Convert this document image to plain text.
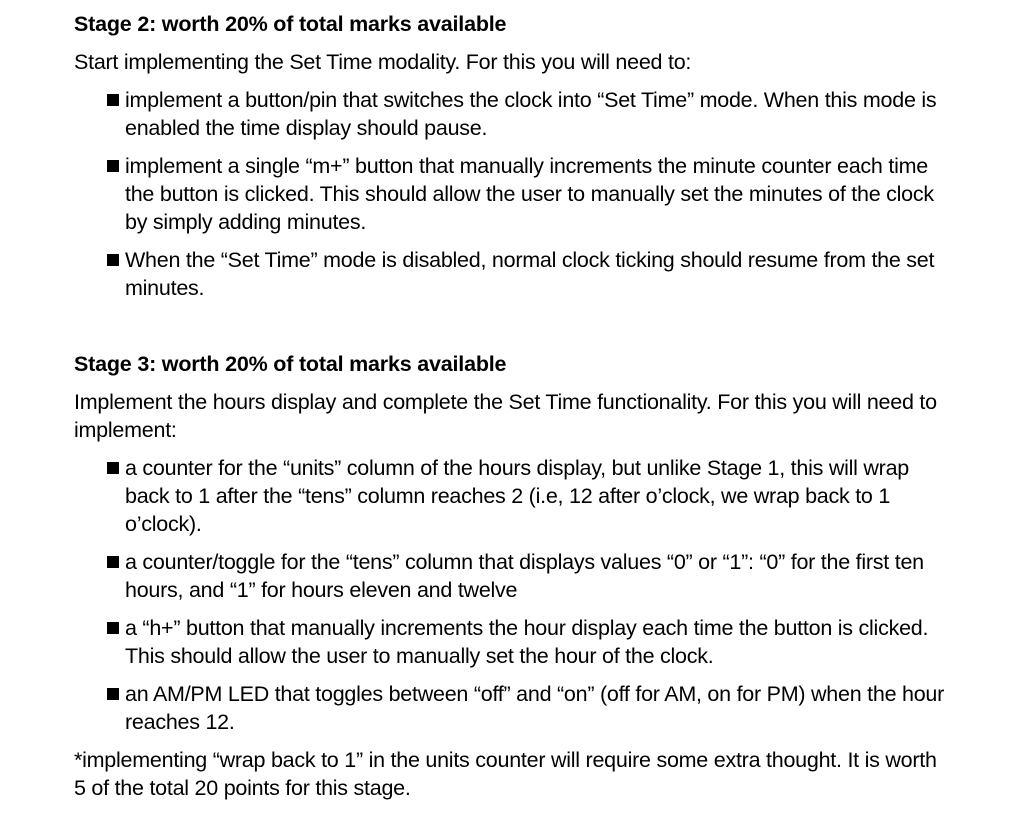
Stage 2: worth 20% of total marks available

Start implementing the Set Time modality. For this you will need to:

implement a button/pin that switches the clock into “Set Time” mode. When this mode is enabled the time display should pause.
implement a single “m+” button that manually increments the minute counter each time the button is clicked. This should allow the user to manually set the minutes of the clock by simply adding minutes.
When the “Set Time” mode is disabled, normal clock ticking should resume from the set minutes.

Stage 3: worth 20% of total marks available

Implement the hours display and complete the Set Time functionality. For this you will need to implement:

a counter for the “units” column of the hours display, but unlike Stage 1, this will wrap back to 1 after the “tens” column reaches 2 (i.e, 12 after o’clock, we wrap back to 1 o’clock).
a counter/toggle for the “tens” column that displays values “0” or “1”: “0” for the first ten hours, and “1” for hours eleven and twelve
a “h+” button that manually increments the hour display each time the button is clicked. This should allow the user to manually set the hour of the clock.
an AM/PM LED that toggles between “off” and “on” (off for AM, on for PM) when the hour reaches 12.

*implementing “wrap back to 1” in the units counter will require some extra thought. It is worth 5 of the total 20 points for this stage.
